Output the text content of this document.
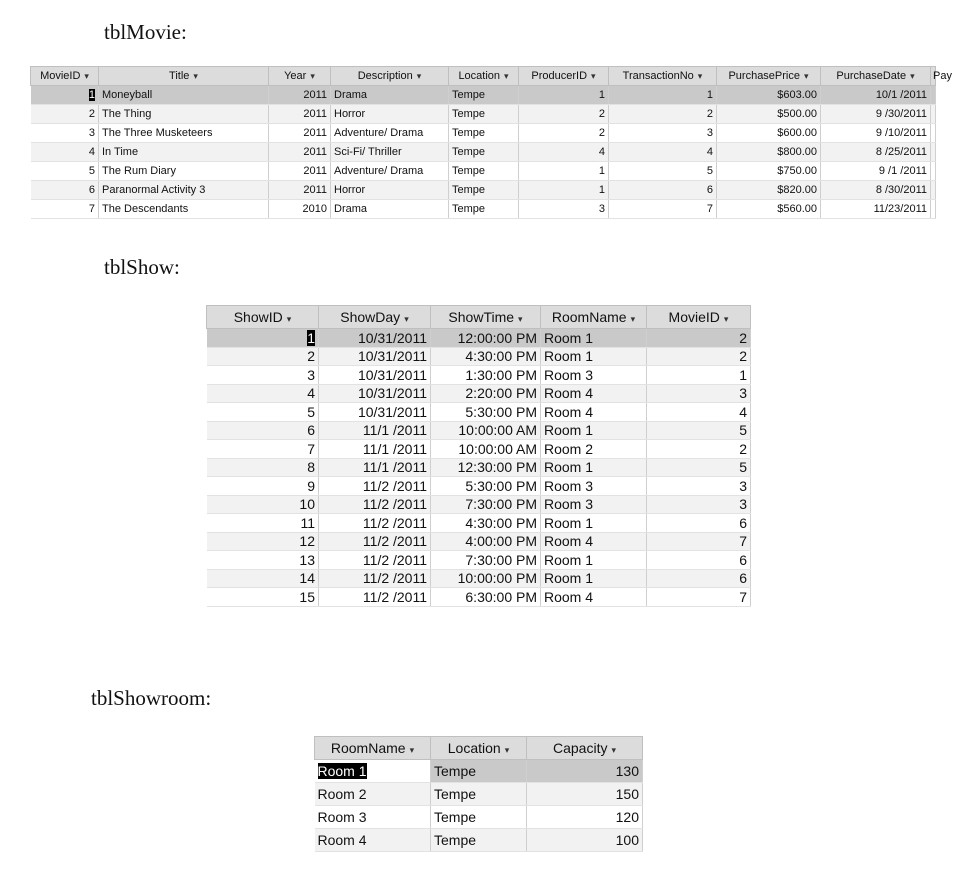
tblMovie:
MovieID ▾	Title ▾	Year ▾	Description ▾	Location ▾	ProducerID ▾	TransactionNo ▾	PurchasePrice ▾	PurchaseDate ▾	Pay
1	Moneyball	2011	Drama	Tempe	1	1	$603.00	10/1 /2011	
2	The Thing	2011	Horror	Tempe	2	2	$500.00	9 /30/2011	
3	The Three Musketeers	2011	Adventure/ Drama	Tempe	2	3	$600.00	9 /10/2011	
4	In Time	2011	Sci-Fi/ Thriller	Tempe	4	4	$800.00	8 /25/2011	
5	The Rum Diary	2011	Adventure/ Drama	Tempe	1	5	$750.00	9 /1 /2011	
6	Paranormal Activity 3	2011	Horror	Tempe	1	6	$820.00	8 /30/2011	
7	The Descendants	2010	Drama	Tempe	3	7	$560.00	11/23/2011	
tblShow:
ShowID ▾	ShowDay ▾	ShowTime ▾	RoomName ▾	MovieID ▾
1	10/31/2011	12:00:00 PM	Room 1	2
2	10/31/2011	4:30:00 PM	Room 1	2
3	10/31/2011	1:30:00 PM	Room 3	1
4	10/31/2011	2:20:00 PM	Room 4	3
5	10/31/2011	5:30:00 PM	Room 4	4
6	11/1 /2011	10:00:00 AM	Room 1	5
7	11/1 /2011	10:00:00 AM	Room 2	2
8	11/1 /2011	12:30:00 PM	Room 1	5
9	11/2 /2011	5:30:00 PM	Room 3	3
10	11/2 /2011	7:30:00 PM	Room 3	3
11	11/2 /2011	4:30:00 PM	Room 1	6
12	11/2 /2011	4:00:00 PM	Room 4	7
13	11/2 /2011	7:30:00 PM	Room 1	6
14	11/2 /2011	10:00:00 PM	Room 1	6
15	11/2 /2011	6:30:00 PM	Room 4	7
tblShowroom:
RoomName ▾	Location ▾	Capacity ▾
Room 1	Tempe	130
Room 2	Tempe	150
Room 3	Tempe	120
Room 4	Tempe	100
